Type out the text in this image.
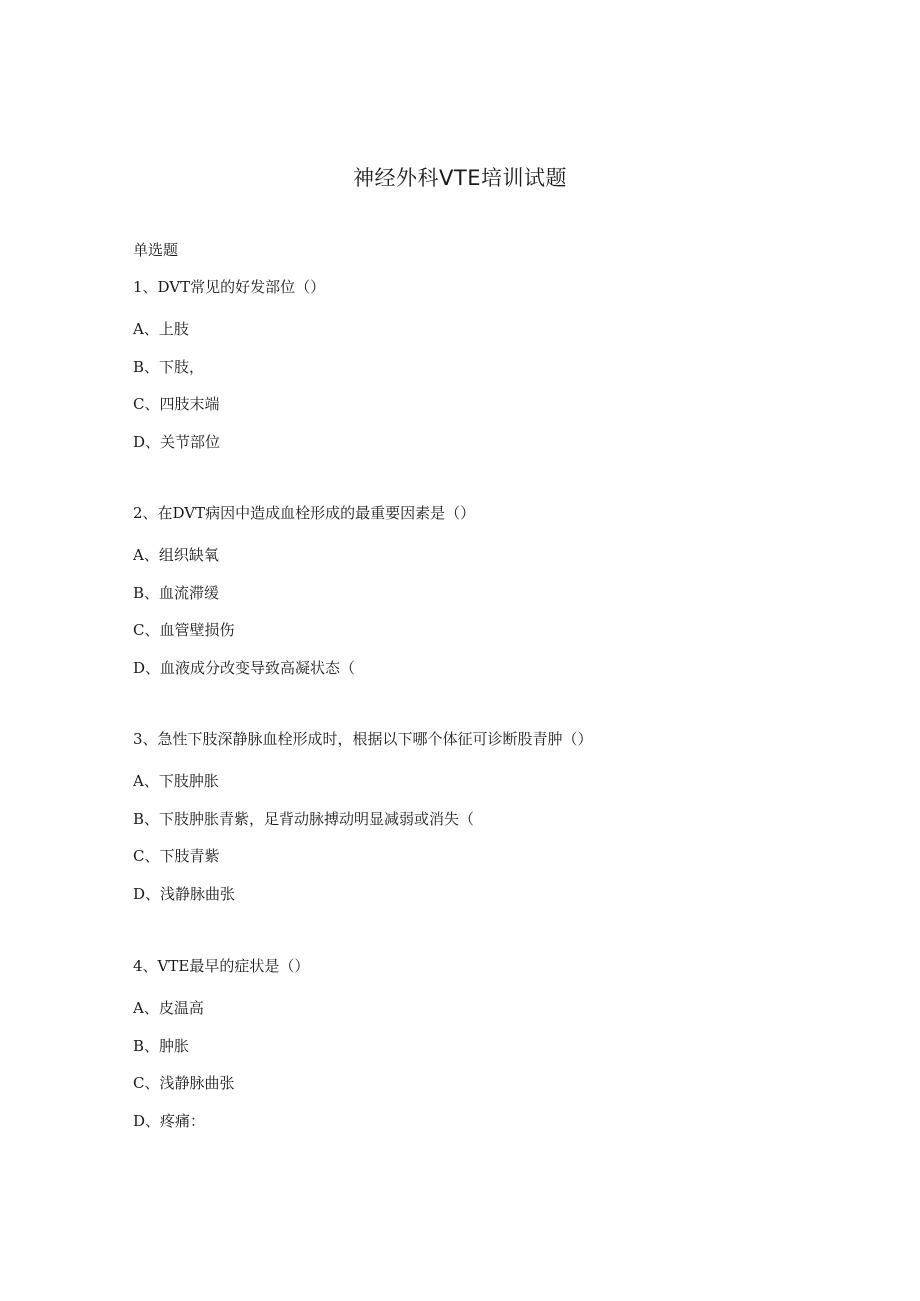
神经外科VTE培训试题
单选题
1、DVT常见的好发部位（）
A、上肢
B、下肢，
C、四肢末端
D、关节部位
2、在DVT病因中造成血栓形成的最重要因素是（）
A、组织缺氧
B、血流滞缓
C、血管壁损伤
D、血液成分改变导致高凝状态（
3、急性下肢深静脉血栓形成时，根据以下哪个体征可诊断股青肿（）
A、下肢肿胀
B、下肢肿胀青紫，足背动脉搏动明显减弱或消失（
C、下肢青紫
D、浅静脉曲张
4、VTE最早的症状是（）
A、皮温高
B、肿胀
C、浅静脉曲张
D、疼痛：
